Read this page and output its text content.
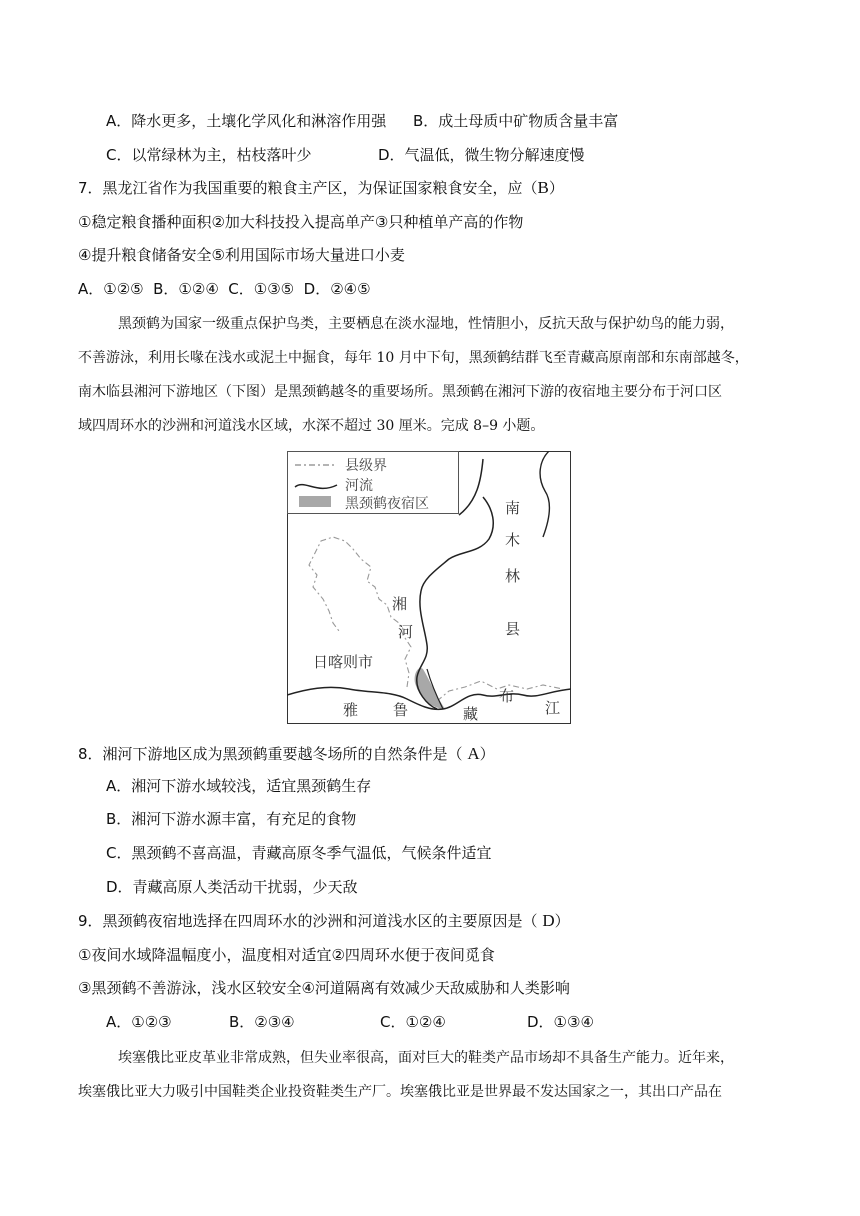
A．降水更多，土壤化学风化和淋溶作用强 B．成土母质中矿物质含量丰富
C．以常绿林为主，枯枝落叶少	D．气温低，微生物分解速度慢
7．黑龙江省作为我国重要的粮食主产区，为保证国家粮食安全，应（B）
①稳定粮食播种面积②加大科技投入提高单产③只种植单产高的作物
④提升粮食储备安全⑤利用国际市场大量进口小麦
A．①②⑤  B．①②④  C．①③⑤  D．②④⑤
黑颈鹤为国家一级重点保护鸟类，主要栖息在淡水湿地，性情胆小，反抗天敌与保护幼鸟的能力弱，
不善游泳，利用长喙在浅水或泥土中掘食，每年 10 月中下旬，黑颈鹤结群飞至青藏高原南部和东南部越冬，
南木临县湘河下游地区（下图）是黑颈鹤越冬的重要场所。黑颈鹤在湘河下游的夜宿地主要分布于河口区
域四周环水的沙洲和河道浅水区域，水深不超过 30 厘米。完成 8–9 小题。
县级界
河流
黑颈鹤夜宿区	南
木
林
县
湘
河
日喀则市
雅 鲁	藏
布
江
8．湘河下游地区成为黑颈鹤重要越冬场所的自然条件是（ A）
A．湘河下游水域较浅，适宜黑颈鹤生存
B．湘河下游水源丰富，有充足的食物
C．黑颈鹤不喜高温，青藏高原冬季气温低，气候条件适宜
D．青藏高原人类活动干扰弱，少天敌
9．黑颈鹤夜宿地选择在四周环水的沙洲和河道浅水区的主要原因是（ D）
①夜间水域降温幅度小，温度相对适宜②四周环水便于夜间觅食
③黑颈鹤不善游泳，浅水区较安全④河道隔离有效减少天敌威胁和人类影响
A．①②③	B．②③④	C．①②④	D．①③④
埃塞俄比亚皮革业非常成熟，但失业率很高，面对巨大的鞋类产品市场却不具备生产能力。近年来，
埃塞俄比亚大力吸引中国鞋类企业投资鞋类生产厂。埃塞俄比亚是世界最不发达国家之一，其出口产品在
